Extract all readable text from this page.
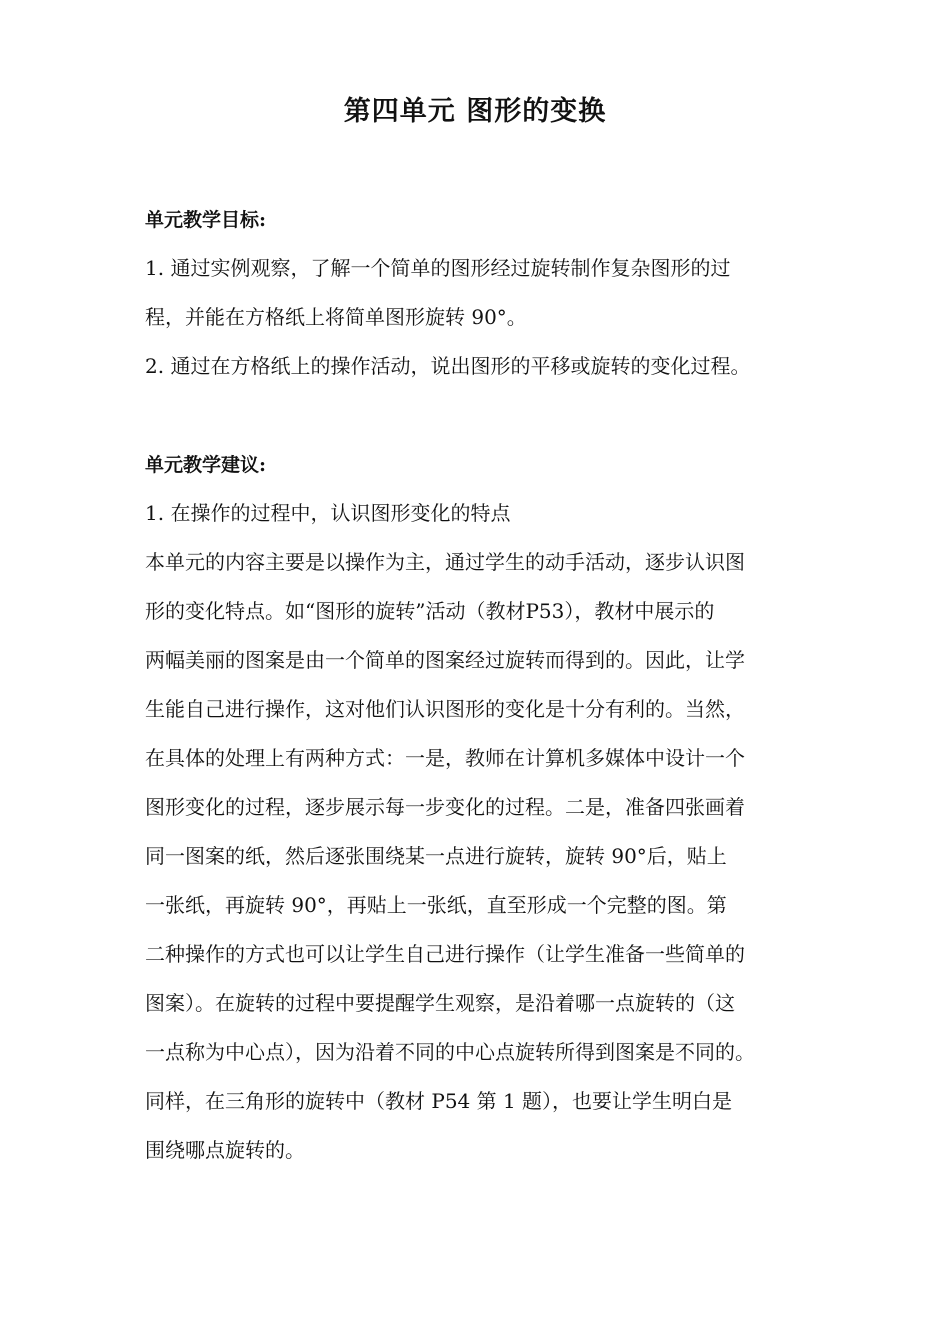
第四单元 图形的变换
单元教学目标:
1. 通过实例观察，了解一个简单的图形经过旋转制作复杂图形的过
程，并能在方格纸上将简单图形旋转 90°。
2. 通过在方格纸上的操作活动，说出图形的平移或旋转的变化过程。
单元教学建议:
1. 在操作的过程中，认识图形变化的特点
本单元的内容主要是以操作为主，通过学生的动手活动，逐步认识图
形的变化特点。如“图形的旋转”活动（教材P53），教材中展示的
两幅美丽的图案是由一个简单的图案经过旋转而得到的。因此，让学
生能自己进行操作，这对他们认识图形的变化是十分有利的。当然，
在具体的处理上有两种方式：一是，教师在计算机多媒体中设计一个
图形变化的过程，逐步展示每一步变化的过程。二是，准备四张画着
同一图案的纸，然后逐张围绕某一点进行旋转，旋转 90°后，贴上
一张纸，再旋转 90°，再贴上一张纸，直至形成一个完整的图。第
二种操作的方式也可以让学生自己进行操作（让学生准备一些简单的
图案）。在旋转的过程中要提醒学生观察，是沿着哪一点旋转的（这
一点称为中心点），因为沿着不同的中心点旋转所得到图案是不同的。
同样，在三角形的旋转中（教材 P54 第 1 题），也要让学生明白是
围绕哪点旋转的。
